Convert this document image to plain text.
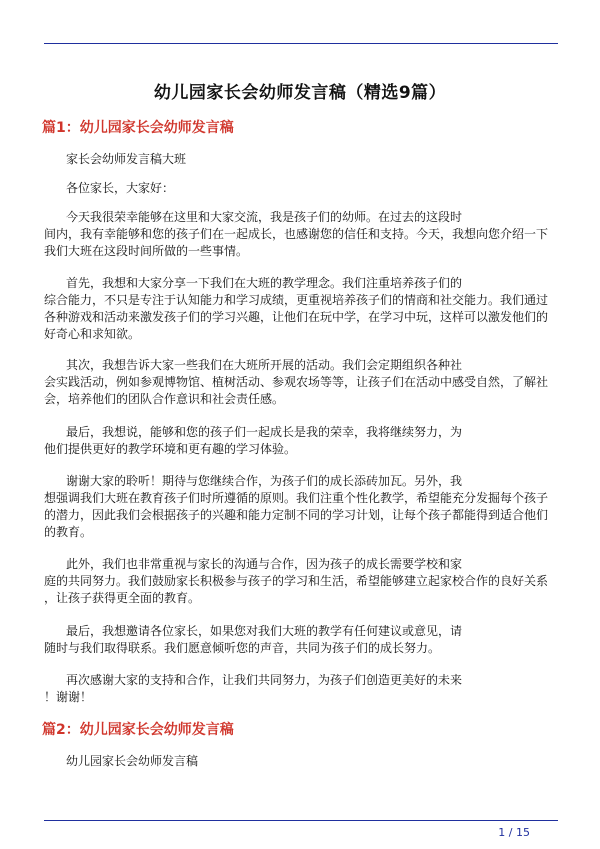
幼儿园家长会幼师发言稿（精选9篇）
篇1：幼儿园家长会幼师发言稿
家长会幼师发言稿大班
各位家长，大家好：
今天我很荣幸能够在这里和大家交流，我是孩子们的幼师。在过去的这段时
间内，我有幸能够和您的孩子们在一起成长，也感谢您的信任和支持。今天，我想向您介绍一下
我们大班在这段时间所做的一些事情。
首先，我想和大家分享一下我们在大班的教学理念。我们注重培养孩子们的
综合能力，不只是专注于认知能力和学习成绩，更重视培养孩子们的情商和社交能力。我们通过
各种游戏和活动来激发孩子们的学习兴趣，让他们在玩中学，在学习中玩，这样可以激发他们的
好奇心和求知欲。
其次，我想告诉大家一些我们在大班所开展的活动。我们会定期组织各种社
会实践活动，例如参观博物馆、植树活动、参观农场等等，让孩子们在活动中感受自然，了解社
会，培养他们的团队合作意识和社会责任感。
最后，我想说，能够和您的孩子们一起成长是我的荣幸，我将继续努力，为
他们提供更好的教学环境和更有趣的学习体验。
谢谢大家的聆听！期待与您继续合作，为孩子们的成长添砖加瓦。另外，我
想强调我们大班在教育孩子们时所遵循的原则。我们注重个性化教学，希望能充分发掘每个孩子
的潜力，因此我们会根据孩子的兴趣和能力定制不同的学习计划，让每个孩子都能得到适合他们
的教育。
此外，我们也非常重视与家长的沟通与合作，因为孩子的成长需要学校和家
庭的共同努力。我们鼓励家长积极参与孩子的学习和生活，希望能够建立起家校合作的良好关系
，让孩子获得更全面的教育。
最后，我想邀请各位家长，如果您对我们大班的教学有任何建议或意见，请
随时与我们取得联系。我们愿意倾听您的声音，共同为孩子们的成长努力。
再次感谢大家的支持和合作，让我们共同努力，为孩子们创造更美好的未来
！谢谢！
篇2：幼儿园家长会幼师发言稿
幼儿园家长会幼师发言稿
1 / 15
